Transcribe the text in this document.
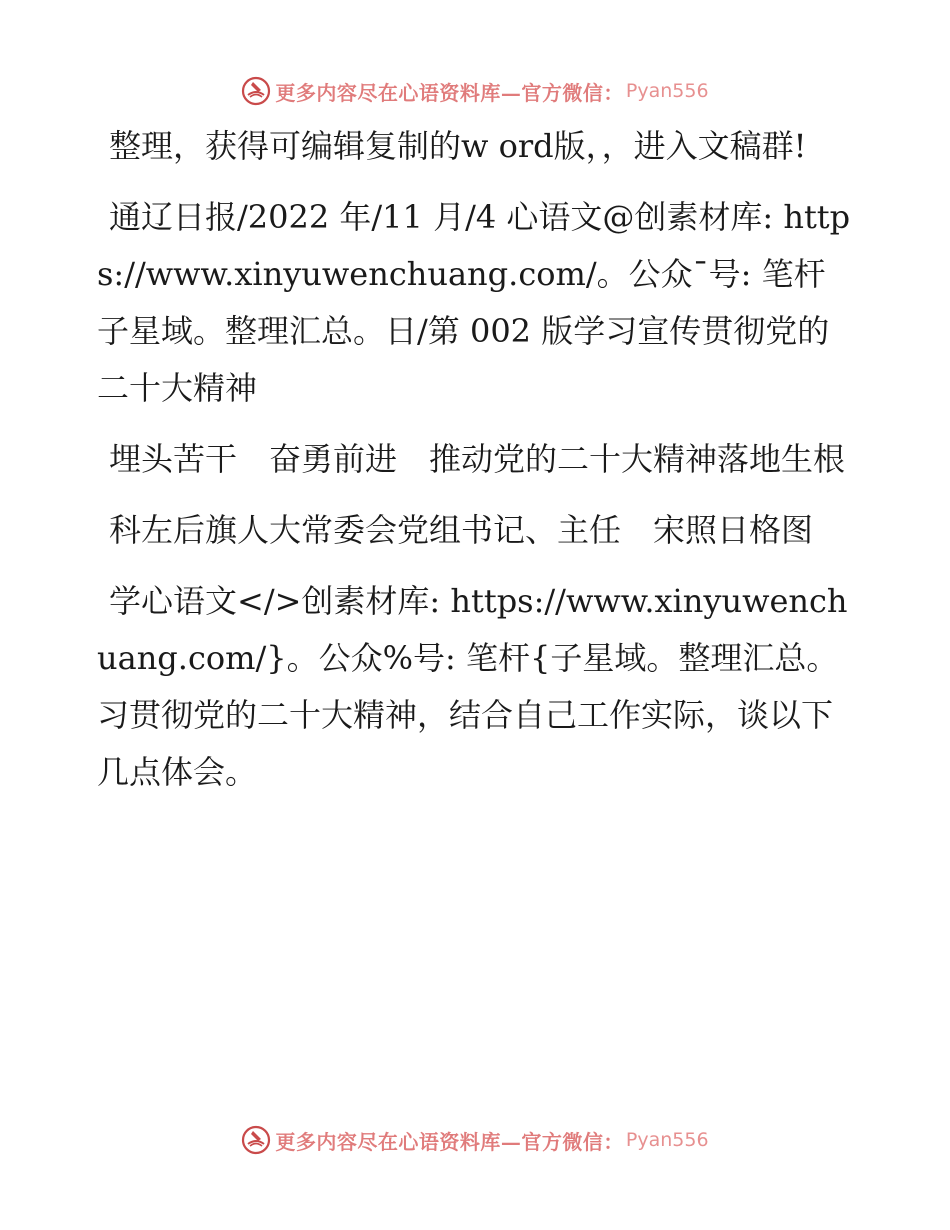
更多内容尽在心语资料库—官方微信： Pyan556

整理，获得可编辑复制的w ord版，，进入文稿群!

通辽日报/2022 年/11 月/4 心语文@创素材库: https://www.xinyuwenchuang.com/。公众¯号: 笔杆子星域。整理汇总。日/第 002 版学习宣传贯彻党的二十大精神

埋头苦干　奋勇前进　推动党的二十大精神落地生根

科左后旗人大常委会党组书记、主任　宋照日格图

学心语文</>创素材库: https://www.xinyuwenchuang.com/}。公众%号: 笔杆{子星域。整理汇总。习贯彻党的二十大精神，结合自己工作实际，谈以下几点体会。

更多内容尽在心语资料库—官方微信： Pyan556
